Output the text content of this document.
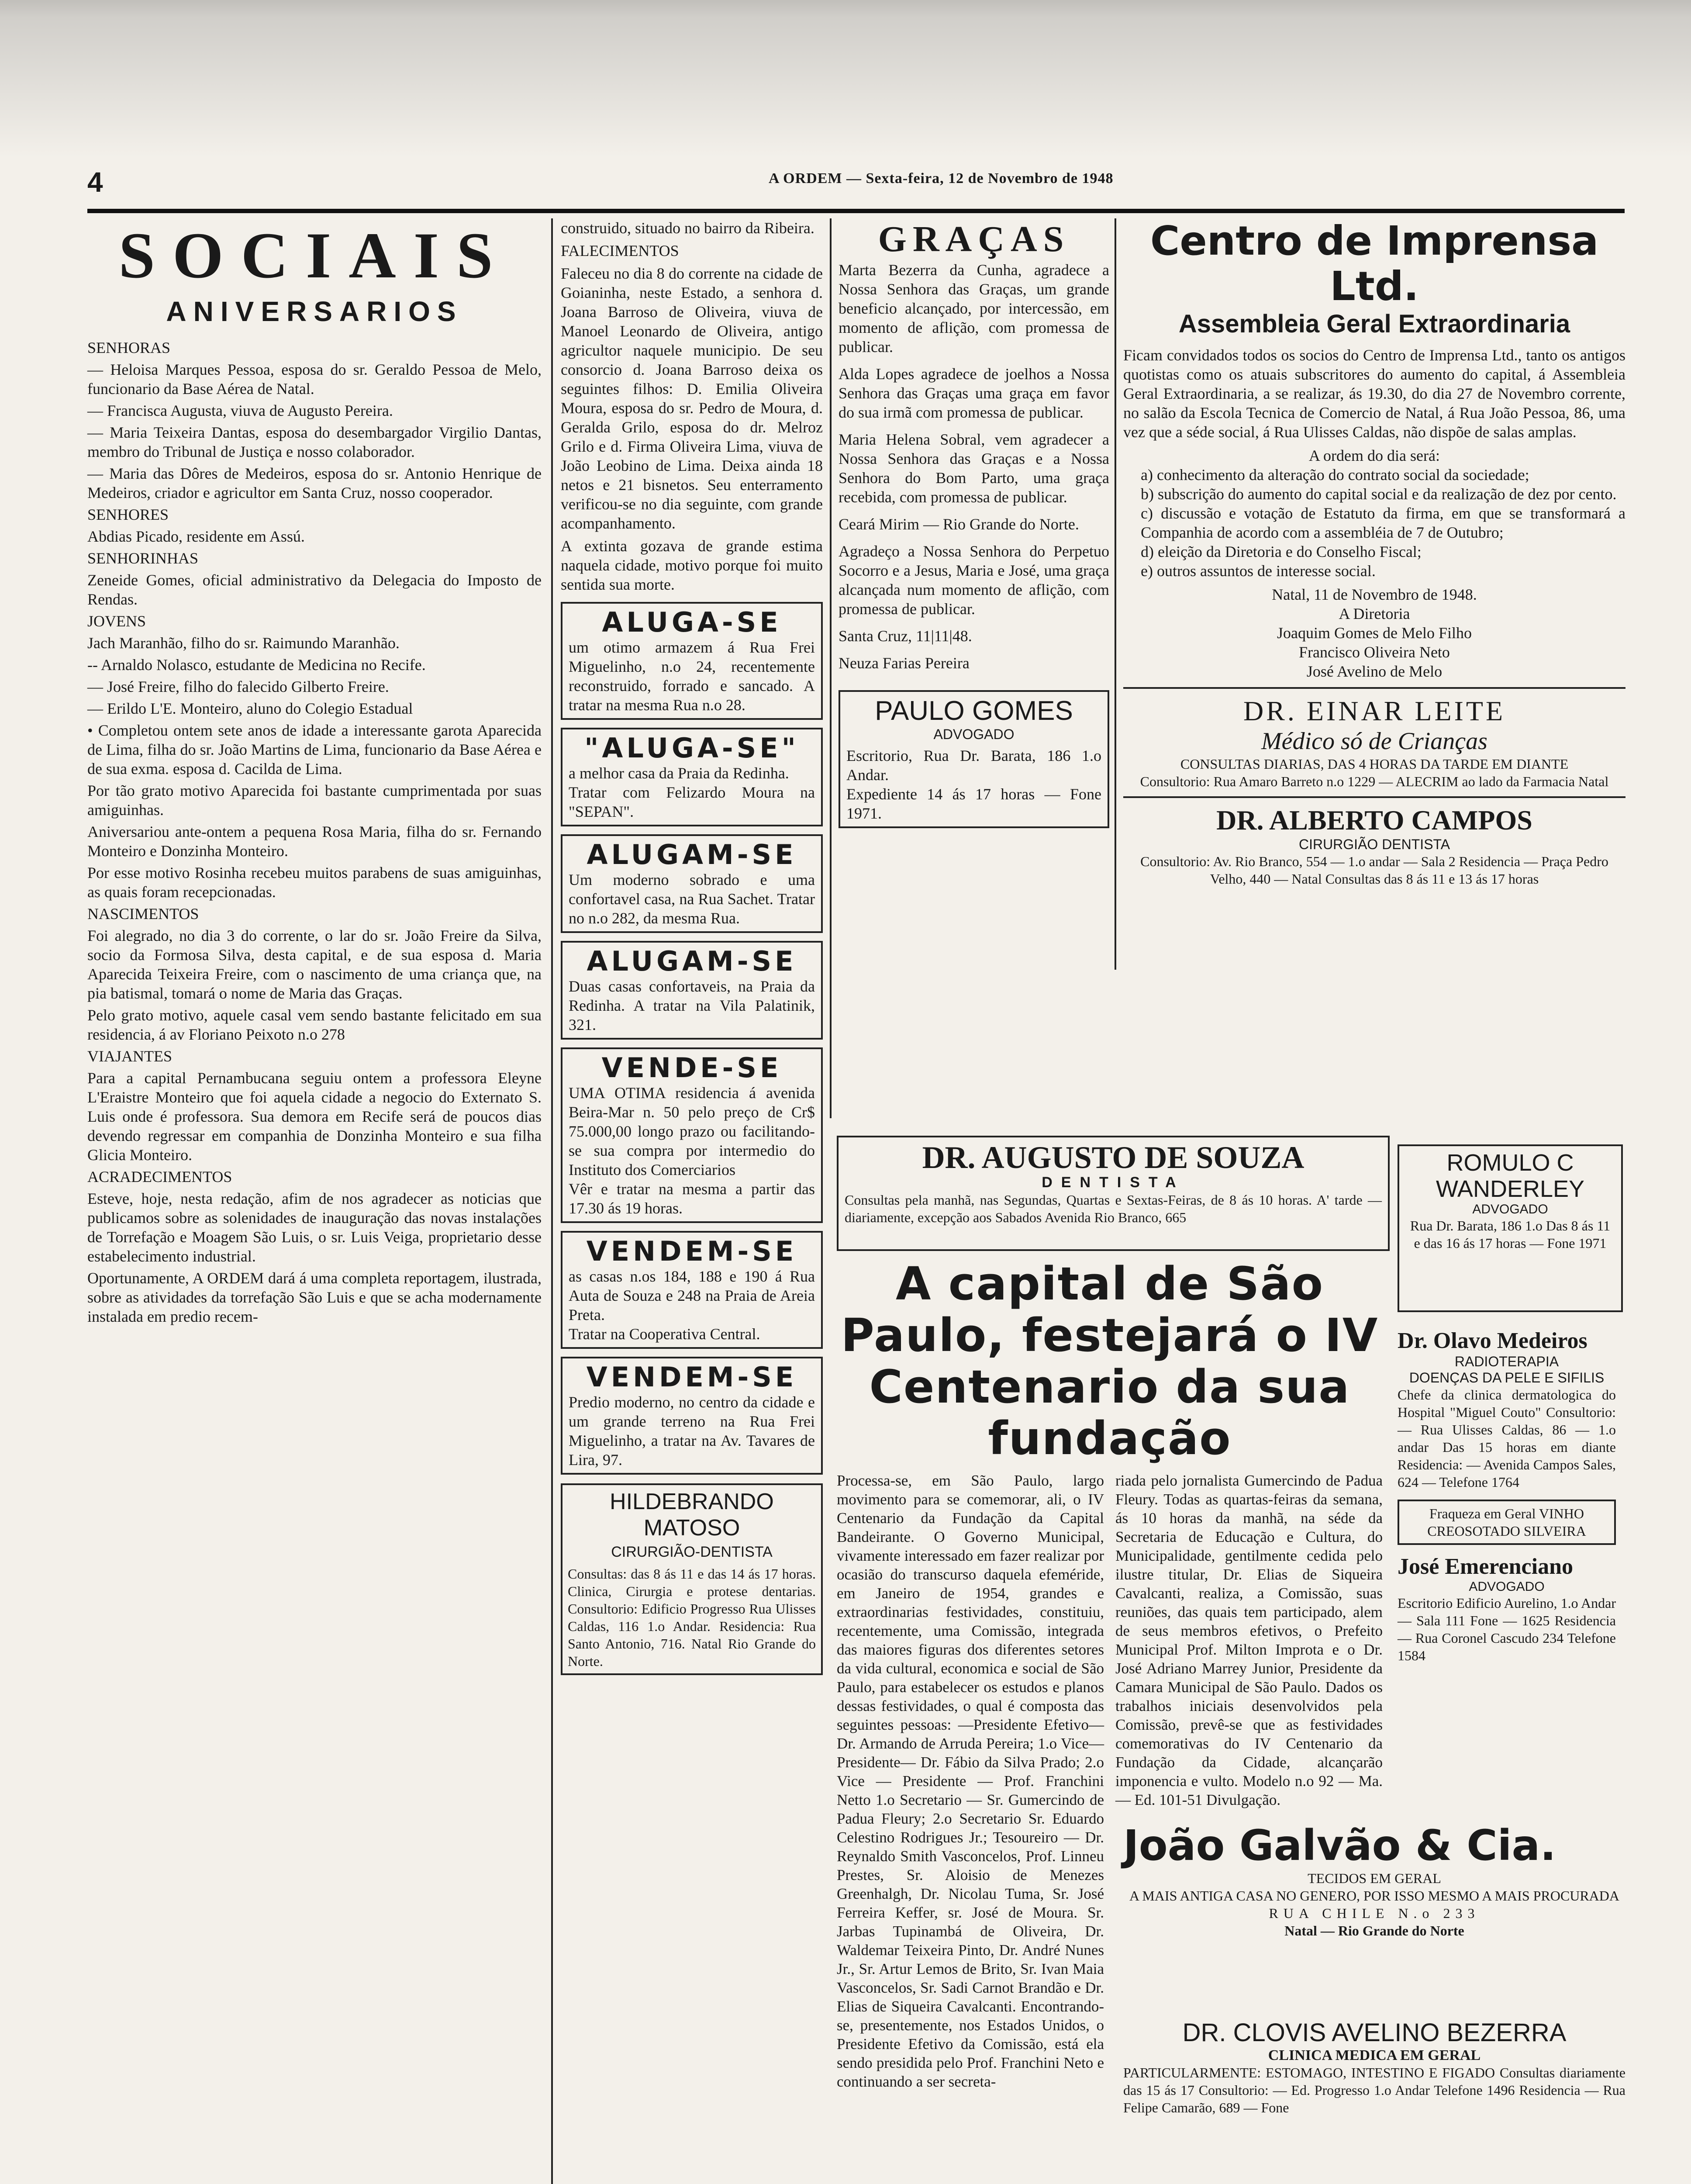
4	A ORDEM — Sexta-feira, 12 de Novembro de 1948
SOCIAIS
ANIVERSARIOS

SENHORAS

— Heloisa Marques Pessoa, esposa do sr. Geraldo Pessoa de Melo, funcionario da Base Aérea de Natal.

— Francisca Augusta, viuva de Augusto Pereira.

— Maria Teixeira Dantas, esposa do desembargador Virgilio Dantas, membro do Tribunal de Justiça e nosso colaborador.

— Maria das Dôres de Medeiros, esposa do sr. Antonio Henrique de Medeiros, criador e agricultor em Santa Cruz, nosso cooperador.

SENHORES

Abdias Picado, residente em Assú.

SENHORINHAS

Zeneide Gomes, oficial administrativo da Delegacia do Imposto de Rendas.

JOVENS

Jach Maranhão, filho do sr. Raimundo Maranhão.

-- Arnaldo Nolasco, estudante de Medicina no Recife.

— José Freire, filho do falecido Gilberto Freire.

— Erildo L'E. Monteiro, aluno do Colegio Estadual

• Completou ontem sete anos de idade a interessante garota Aparecida de Lima, filha do sr. João Martins de Lima, funcionario da Base Aérea e de sua exma. esposa d. Cacilda de Lima.

Por tão grato motivo Aparecida foi bastante cumprimentada por suas amiguinhas.

Aniversariou ante-ontem a pequena Rosa Maria, filha do sr. Fernando Monteiro e Donzinha Monteiro.

Por esse motivo Rosinha recebeu muitos parabens de suas amiguinhas, as quais foram recepcionadas.

NASCIMENTOS

Foi alegrado, no dia 3 do corrente, o lar do sr. João Freire da Silva, socio da Formosa Silva, desta capital, e de sua esposa d. Maria Aparecida Teixeira Freire, com o nascimento de uma criança que, na pia batismal, tomará o nome de Maria das Graças.

Pelo grato motivo, aquele casal vem sendo bastante felicitado em sua residencia, á av Floriano Peixoto n.o 278

VIAJANTES

Para a capital Pernambucana seguiu ontem a professora Eleyne L'Eraistre Monteiro que foi aquela cidade a negocio do Externato S. Luis onde é professora. Sua demora em Recife será de poucos dias devendo regressar em companhia de Donzinha Monteiro e sua filha Glicia Monteiro.

ACRADECIMENTOS

Esteve, hoje, nesta redação, afim de nos agradecer as noticias que publicamos sobre as solenidades de inauguração das novas instalações de Torrefação e Moagem São Luis, o sr. Luis Veiga, proprietario desse estabelecimento industrial.

Oportunamente, A ORDEM dará á uma completa reportagem, ilustrada, sobre as atividades da torrefação São Luis e que se acha modernamente instalada em predio recem-

construido, situado no bairro da Ribeira.

FALECIMENTOS

Faleceu no dia 8 do corrente na cidade de Goianinha, neste Estado, a senhora d. Joana Barroso de Oliveira, viuva de Manoel Leonardo de Oliveira, antigo agricultor naquele municipio. De seu consorcio d. Joana Barroso deixa os seguintes filhos: D. Emilia Oliveira Moura, esposa do sr. Pedro de Moura, d. Geralda Grilo, esposa do dr. Melroz Grilo e d. Firma Oliveira Lima, viuva de João Leobino de Lima. Deixa ainda 18 netos e 21 bisnetos. Seu enterramento verificou-se no dia seguinte, com grande acompanhamento.

A extinta gozava de grande estima naquela cidade, motivo porque foi muito sentida sua morte.

ALUGA-SE

um otimo armazem á Rua Frei Miguelinho, n.o 24, recentemente reconstruido, forrado e sancado. A tratar na mesma Rua n.o 28.

"ALUGA-SE"

a melhor casa da Praia da Redinha.

Tratar com Felizardo Moura na "SEPAN".

ALUGAM-SE

Um moderno sobrado e uma confortavel casa, na Rua Sachet. Tratar no n.o 282, da mesma Rua.

ALUGAM-SE

Duas casas confortaveis, na Praia da Redinha. A tratar na Vila Palatinik, 321.

VENDE-SE

UMA OTIMA residencia á avenida Beira-Mar n. 50 pelo preço de Cr$ 75.000,00 longo prazo ou facilitando-se sua compra por intermedio do Instituto dos Comerciarios

Vêr e tratar na mesma a partir das 17.30 ás 19 horas.

VENDEM-SE

as casas n.os 184, 188 e 190 á Rua Auta de Souza e 248 na Praia de Areia Preta.

Tratar na Cooperativa Central.

VENDEM-SE

Predio moderno, no centro da cidade e um grande terreno na Rua Frei Miguelinho, a tratar na Av. Tavares de Lira, 97.

HILDEBRANDO MATOSO
CIRURGIÃO-DENTISTA

Consultas: das 8 ás 11 e das 14 ás 17 horas. Clinica, Cirurgia e protese dentarias. Consultorio: Edificio Progresso Rua Ulisses Caldas, 116 1.o Andar. Residencia: Rua Santo Antonio, 716. Natal Rio Grande do Norte.

GRAÇAS

Marta Bezerra da Cunha, agradece a Nossa Senhora das Graças, um grande beneficio alcançado, por intercessão, em momento de aflição, com promessa de publicar.

Alda Lopes agradece de joelhos a Nossa Senhora das Graças uma graça em favor do sua irmã com promessa de publicar.

Maria Helena Sobral, vem agradecer a Nossa Senhora das Graças e a Nossa Senhora do Bom Parto, uma graça recebida, com promessa de publicar.

Ceará Mirim — Rio Grande do Norte.

Agradeço a Nossa Senhora do Perpetuo Socorro e a Jesus, Maria e José, uma graça alcançada num momento de aflição, com promessa de publicar.

Santa Cruz, 11|11|48.

Neuza Farias Pereira

PAULO GOMES
ADVOGADO

Escritorio, Rua Dr. Barata, 186 1.o Andar.

Expediente 14 ás 17 horas — Fone 1971.

Centro de Imprensa Ltd.
Assembleia Geral Extraordinaria

Ficam convidados todos os socios do Centro de Imprensa Ltd., tanto os antigos quotistas como os atuais subscritores do aumento do capital, á Assembleia Geral Extraordinaria, a se realizar, ás 19.30, do dia 27 de Novembro corrente, no salão da Escola Tecnica de Comercio de Natal, á Rua João Pessoa, 86, uma vez que a séde social, á Rua Ulisses Caldas, não dispõe de salas amplas.

A ordem do dia será:

a) conhecimento da alteração do contrato social da sociedade;

b) subscrição do aumento do capital social e da realização de dez por cento.

c) discussão e votação de Estatuto da firma, em que se transformará a Companhia de acordo com a assembléia de 7 de Outubro;

d) eleição da Diretoria e do Conselho Fiscal;

e) outros assuntos de interesse social.

Natal, 11 de Novembro de 1948.

A Diretoria
Joaquim Gomes de Melo Filho
Francisco Oliveira Neto
José Avelino de Melo
DR. EINAR LEITE
Médico só de Crianças

CONSULTAS DIARIAS, DAS 4 HORAS DA TARDE EM DIANTE

Consultorio: Rua Amaro Barreto n.o 1229 — ALECRIM ao lado da Farmacia Natal

DR. ALBERTO CAMPOS
CIRURGIÃO DENTISTA

Consultorio: Av. Rio Branco, 554 — 1.o andar — Sala 2 Residencia — Praça Pedro Velho, 440 — Natal Consultas das 8 ás 11 e 13 ás 17 horas

DR. AUGUSTO DE SOUZA
DENTISTA

Consultas pela manhã, nas Segundas, Quartas e Sextas-Feiras, de 8 ás 10 horas. A' tarde — diariamente, excepção aos Sabados Avenida Rio Branco, 665

ROMULO C WANDERLEY
ADVOGADO

Rua Dr. Barata, 186 1.o Das 8 ás 11 e das 16 ás 17 horas — Fone 1971

A capital de São Paulo, festejará o IV Centenario da sua fundação

Processa-se, em São Paulo, largo movimento para se comemorar, ali, o IV Centenario da Fundação da Capital Bandeirante. O Governo Municipal, vivamente interessado em fazer realizar por ocasião do transcurso daquela efeméride, em Janeiro de 1954, grandes e extraordinarias festividades, constituiu, recentemente, uma Comissão, integrada das maiores figuras dos diferentes setores da vida cultural, economica e social de São Paulo, para estabelecer os estudos e planos dessas festividades, o qual é composta das seguintes pessoas: —Presidente Efetivo— Dr. Armando de Arruda Pereira; 1.o Vice—Presidente— Dr. Fábio da Silva Prado; 2.o Vice — Presidente — Prof. Franchini Netto 1.o Secretario — Sr. Gumercindo de Padua Fleury; 2.o Secretario Sr. Eduardo Celestino Rodrigues Jr.; Tesoureiro — Dr. Reynaldo Smith Vasconcelos, Prof. Linneu Prestes, Sr. Aloisio de Menezes Greenhalgh, Dr. Nicolau Tuma, Sr. José Ferreira Keffer, sr. José de Moura. Sr. Jarbas Tupinambá de Oliveira, Dr. Waldemar Teixeira Pinto, Dr. André Nunes Jr., Sr. Artur Lemos de Brito, Sr. Ivan Maia Vasconcelos, Sr. Sadi Carnot Brandão e Dr. Elias de Siqueira Cavalcanti. Encontrando-se, presentemente, nos Estados Unidos, o Presidente Efetivo da Comissão, está ela sendo presidida pelo Prof. Franchini Neto e continuando a ser secreta-

riada pelo jornalista Gumercindo de Padua Fleury. Todas as quartas-feiras da semana, ás 10 horas da manhã, na séde da Secretaria de Educação e Cultura, do Municipalidade, gentilmente cedida pelo ilustre titular, Dr. Elias de Siqueira Cavalcanti, realiza, a Comissão, suas reuniões, das quais tem participado, alem de seus membros efetivos, o Prefeito Municipal Prof. Milton Improta e o Dr. José Adriano Marrey Junior, Presidente da Camara Municipal de São Paulo. Dados os trabalhos iniciais desenvolvidos pela Comissão, prevê-se que as festividades comemorativas do IV Centenario da Fundação da Cidade, alcançarão imponencia e vulto. Modelo n.o 92 — Ma. — Ed. 101-51 Divulgação.

Dr. Olavo Medeiros
RADIOTERAPIA
DOENÇAS DA PELE E SIFILIS

Chefe da clinica dermatologica do Hospital "Miguel Couto" Consultorio: — Rua Ulisses Caldas, 86 — 1.o andar Das 15 horas em diante Residencia: — Avenida Campos Sales, 624 — Telefone 1764

Fraqueza em Geral VINHO CREOSOTADO SILVEIRA

José Emerenciano
ADVOGADO

Escritorio Edificio Aurelino, 1.o Andar — Sala 111 Fone — 1625 Residencia — Rua Coronel Cascudo 234 Telefone 1584

João Galvão & Cia.

TECIDOS EM GERAL

A MAIS ANTIGA CASA NO GENERO, POR ISSO MESMO A MAIS PROCURADA

RUA CHILE N.o 233

Natal — Rio Grande do Norte

DR. CLOVIS AVELINO BEZERRA
CLINICA MEDICA EM GERAL

PARTICULARMENTE: ESTOMAGO, INTESTINO E FIGADO Consultas diariamente das 15 ás 17 Consultorio: — Ed. Progresso 1.o Andar Telefone 1496 Residencia — Rua Felipe Camarão, 689 — Fone
